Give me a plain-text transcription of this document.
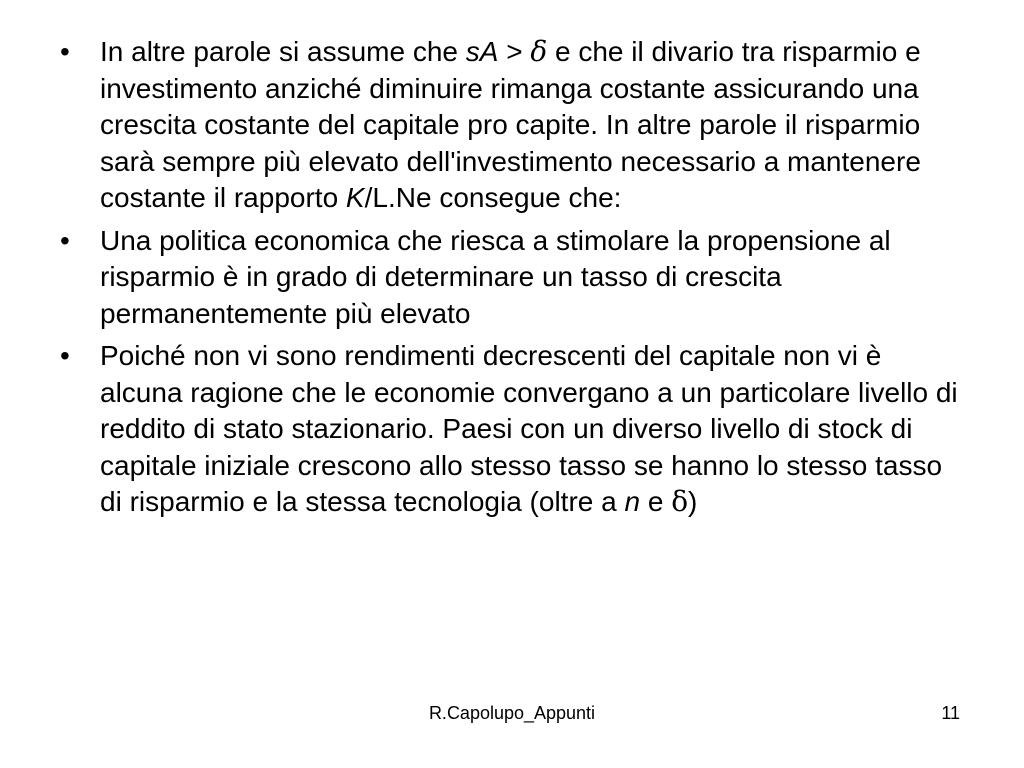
•	In altre parole si assume che sA > δ e che il divario tra risparmio e investimento anziché diminuire rimanga costante assicurando una crescita costante del capitale pro capite. In altre parole il risparmio sarà sempre più elevato dell'investimento necessario a mantenere costante il rapporto K/L.Ne consegue che:
•	Una politica economica che riesca a stimolare la propensione al risparmio è in grado di determinare un tasso di crescita permanentemente più elevato
•	Poiché non vi sono rendimenti decrescenti del capitale non vi è alcuna ragione che le economie convergano a un particolare livello di reddito di stato stazionario. Paesi con un diverso livello di stock di capitale iniziale crescono allo stesso tasso se hanno lo stesso tasso di risparmio e la stessa tecnologia (oltre a n e δ)
R.Capolupo_Appunti	11
